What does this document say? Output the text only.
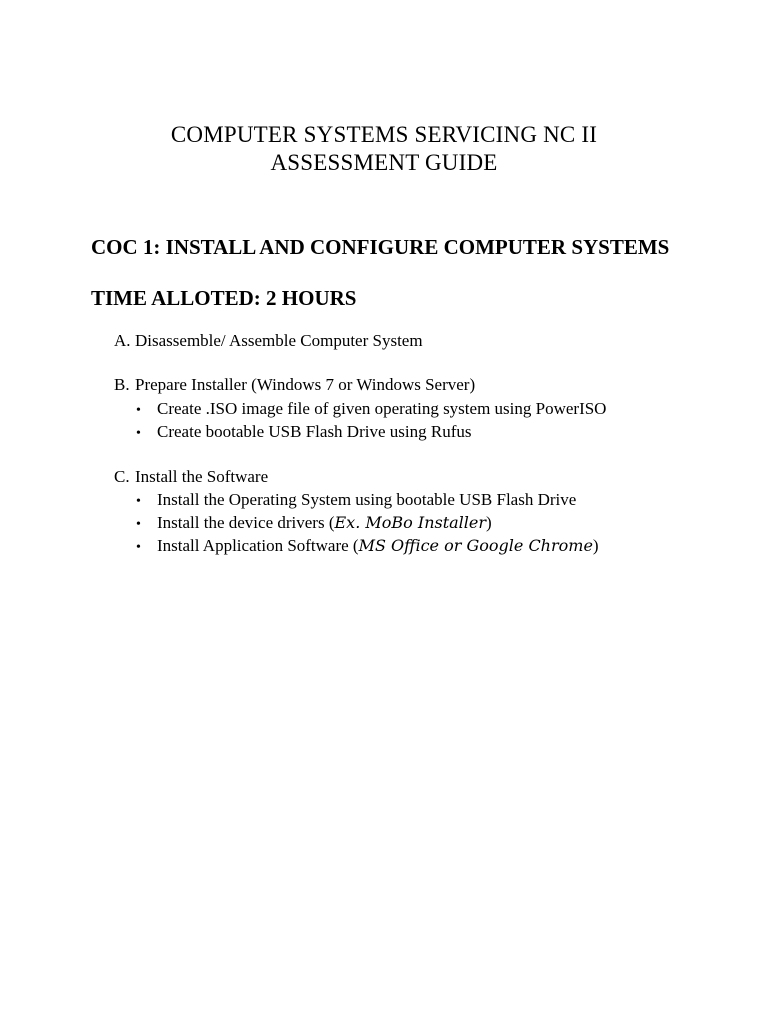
COMPUTER SYSTEMS SERVICING NC II
ASSESSMENT GUIDE
COC 1: INSTALL AND CONFIGURE COMPUTER SYSTEMS
TIME ALLOTED: 2 HOURS
A. Disassemble/ Assemble Computer System
B. Prepare Installer (Windows 7 or Windows Server)
• Create .ISO image file of given operating system using PowerISO
• Create bootable USB Flash Drive using Rufus
C. Install the Software
• Install the Operating System using bootable USB Flash Drive
• Install the device drivers (Ex. MoBo Installer)
• Install Application Software (MS Office or Google Chrome)
